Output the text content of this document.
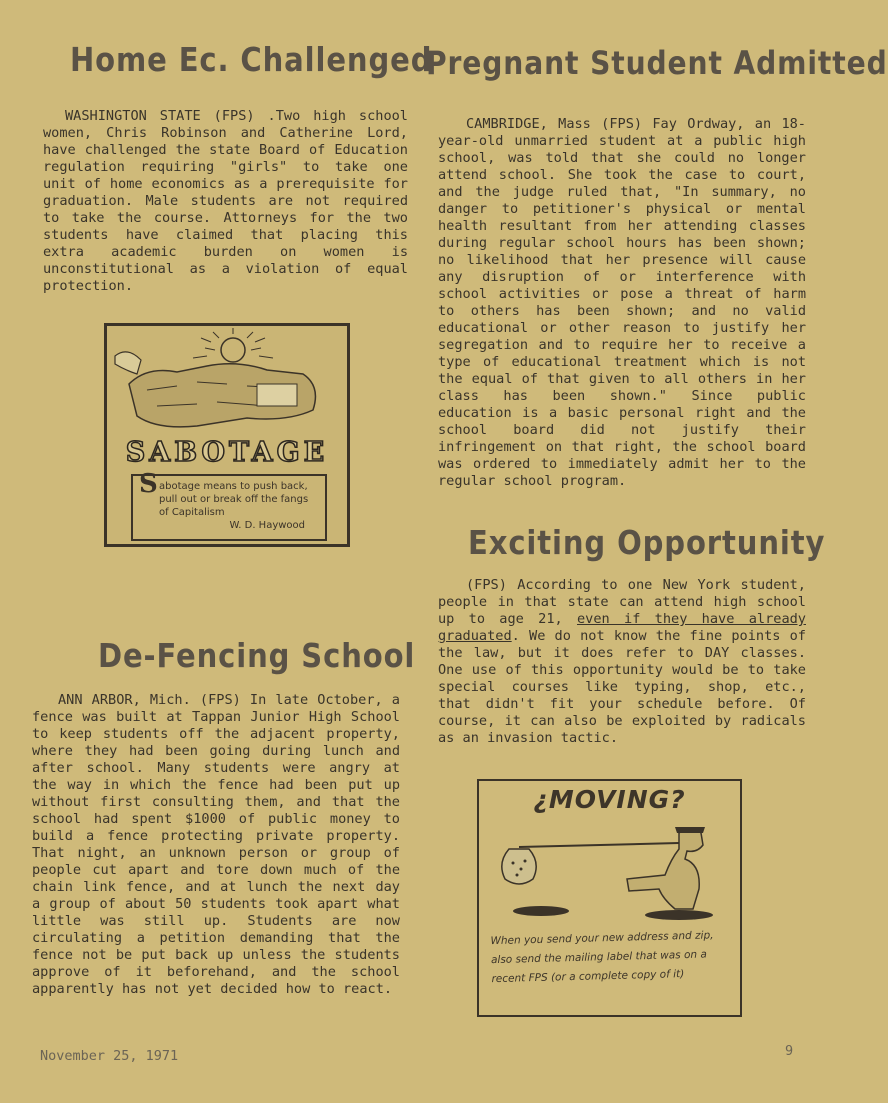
Home Ec. Challenged
Pregnant Student Admitted
De-Fencing School
Exciting Opportunity

WASHINGTON STATE (FPS) .Two high school women, Chris Robinson and Catherine Lord, have challenged the state Board of Education regulation requiring "girls" to take one unit of home economics as a prerequisite for graduation. Male students are not required to take the course. Attorneys for the two students have claimed that placing this extra academic burden on women is unconstitutional as a violation of equal protection.

CAMBRIDGE, Mass (FPS) Fay Ordway, an 18-year-old unmarried student at a public high school, was told that she could no longer attend school. She took the case to court, and the judge ruled that, "In summary, no danger to petitioner's physical or mental health resultant from her attending classes during regular school hours has been shown; no likelihood that her presence will cause any disruption of or interference with school activities or pose a threat of harm to others has been shown; and no valid educational or other reason to justify her segregation and to require her to receive a type of educational treatment which is not the equal of that given to all others in her class has been shown." Since public education is a basic personal right and the school board did not justify their infringement on that right, the school board was ordered to immediately admit her to the regular school program.

ANN ARBOR, Mich. (FPS) In late October, a fence was built at Tappan Junior High School to keep students off the adjacent property, where they had been going during lunch and after school. Many students were angry at the way in which the fence had been put up without first consulting them, and that the school had spent $1000 of public money to build a fence protecting private property. That night, an unknown person or group of people cut apart and tore down much of the chain link fence, and at lunch the next day a group of about 50 students took apart what little was still up. Students are now circulating a petition demanding that the fence not be put back up unless the students approve of it beforehand, and the school apparently has not yet decided how to react.

(FPS) According to one New York student, people in that state can attend high school up to age 21, even if they have already graduated. We do not know the fine points of the law, but it does refer to DAY classes. One use of this opportunity would be to take special courses like typing, shop, etc., that didn't fit your schedule before. Of course, it can also be exploited by radicals as an invasion tactic.

SABOTAGE
S abotage means to push back, pull out or break off the fangs of Capitalism
W. D. Haywood
¿MOVING?
When you send your new address and zip, also send the mailing label that was on a recent FPS (or a complete copy of it)
November 25, 1971	9
